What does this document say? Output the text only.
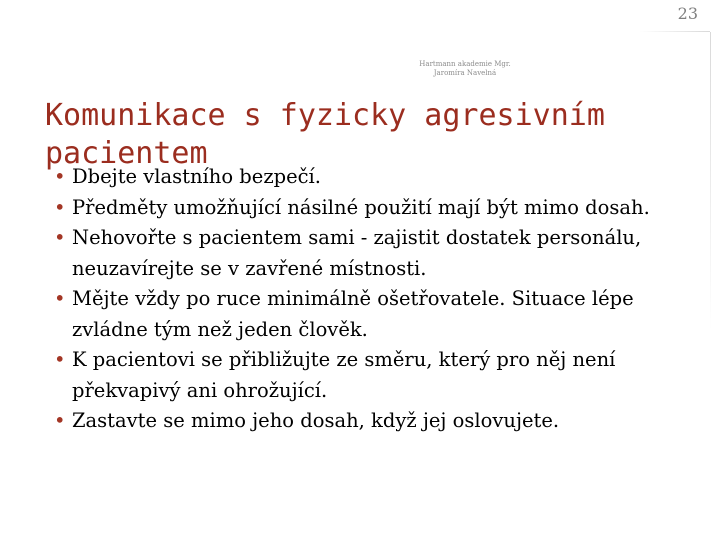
23
Hartmann akademie Mgr.
Jaromíra Navelná
Komunikace s fyzicky agresivním pacientem
• Dbejte vlastního bezpečí.
• Předměty umožňující násilné použití mají být mimo dosah.
• Nehovořte s pacientem sami - zajistit dostatek personálu, neuzavírejte se v zavřené místnosti.
• Mějte vždy po ruce minimálně ošetřovatele. Situace lépe zvládne tým než jeden člověk.
• K pacientovi se přibližujte ze směru, který pro něj není překvapivý ani ohrožující.
• Zastavte se mimo jeho dosah, když jej oslovujete.
